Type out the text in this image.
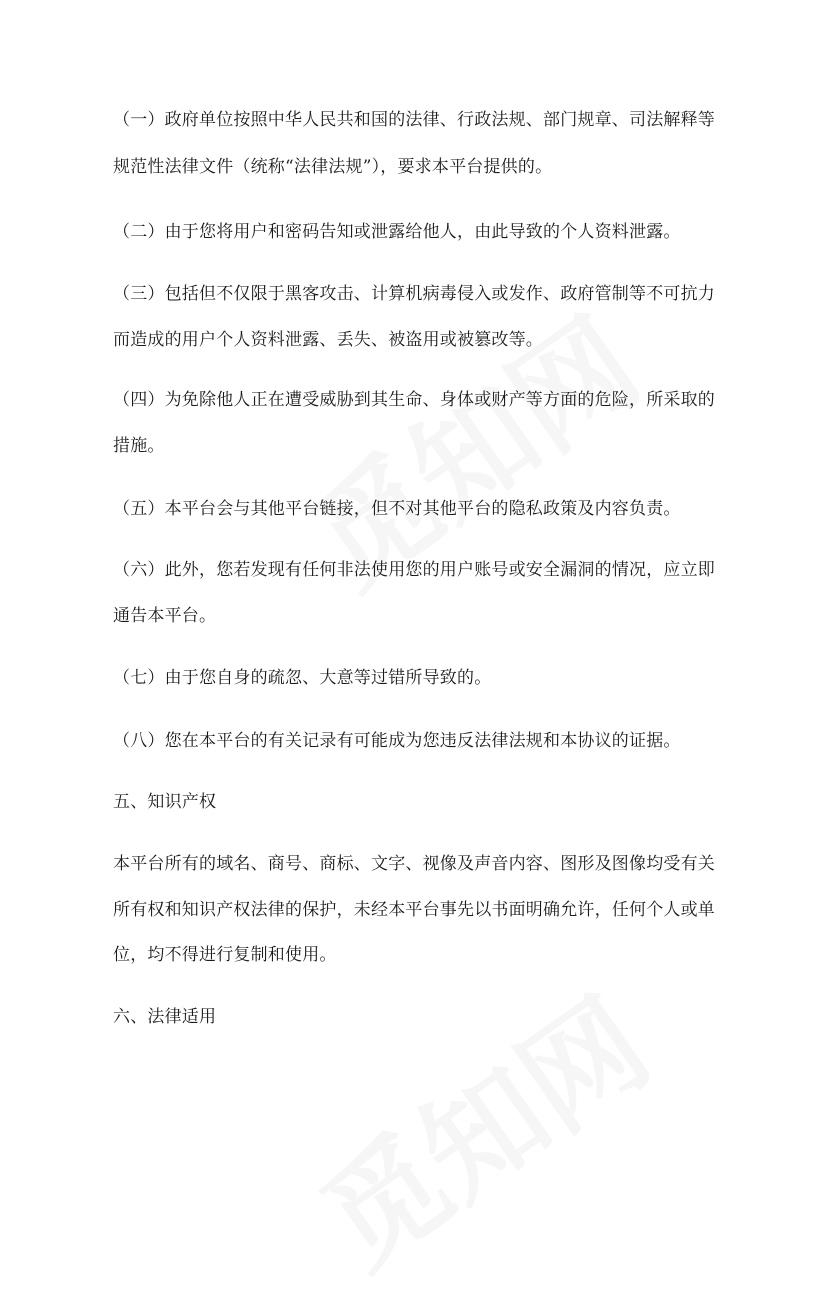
（一）政府单位按照中华人民共和国的法律、行政法规、部门规章、司法解释等
规范性法律文件（统称“法律法规”），要求本平台提供的。
（二）由于您将用户和密码告知或泄露给他人，由此导致的个人资料泄露。
（三）包括但不仅限于黑客攻击、计算机病毒侵入或发作、政府管制等不可抗力
而造成的用户个人资料泄露、丢失、被盗用或被篡改等。
（四）为免除他人正在遭受威胁到其生命、身体或财产等方面的危险，所采取的
措施。
（五）本平台会与其他平台链接，但不对其他平台的隐私政策及内容负责。
（六）此外，您若发现有任何非法使用您的用户账号或安全漏洞的情况，应立即
通告本平台。
（七）由于您自身的疏忽、大意等过错所导致的。
（八）您在本平台的有关记录有可能成为您违反法律法规和本协议的证据。
五、知识产权
本平台所有的域名、商号、商标、文字、视像及声音内容、图形及图像均受有关
所有权和知识产权法律的保护，未经本平台事先以书面明确允许，任何个人或单
位，均不得进行复制和使用。
六、法律适用
